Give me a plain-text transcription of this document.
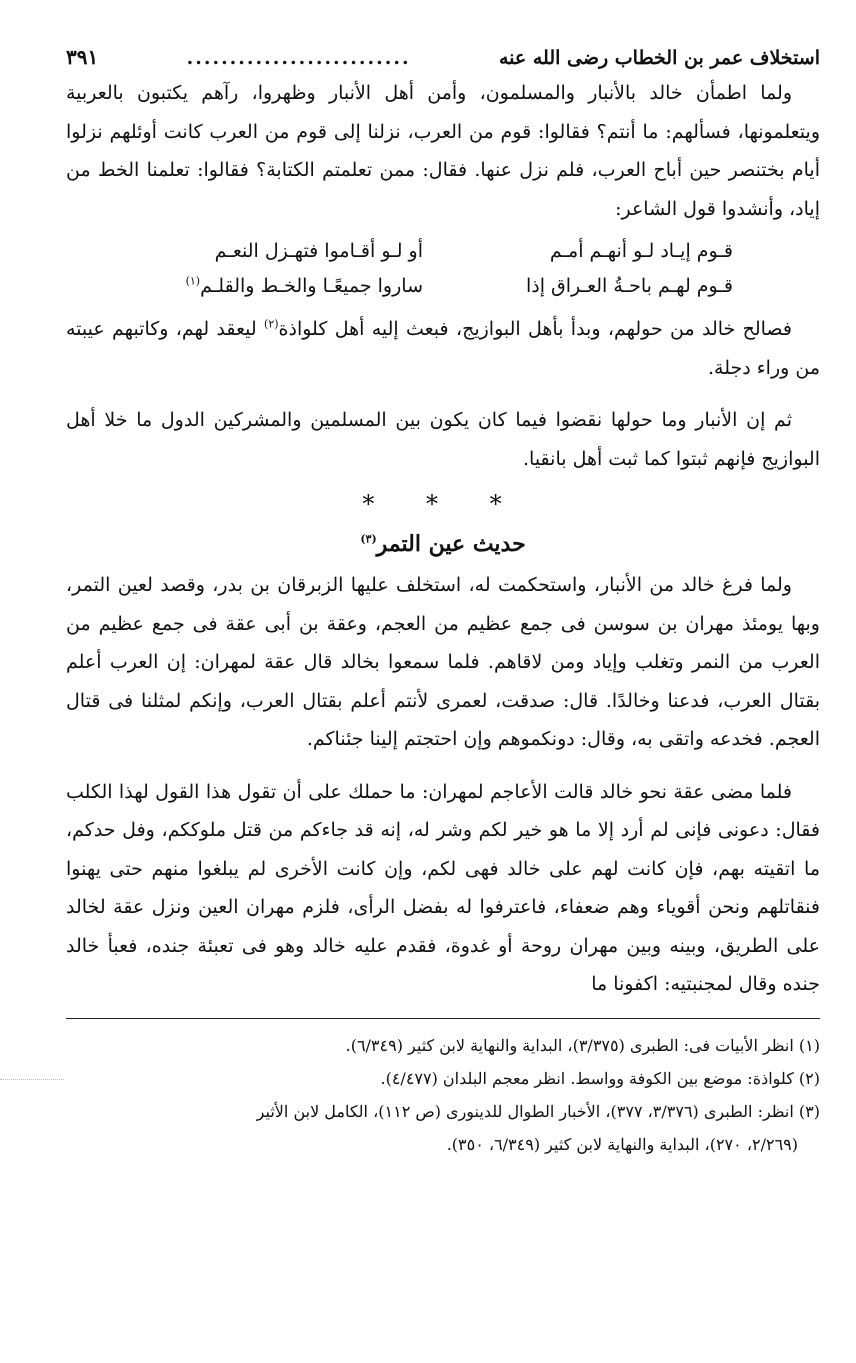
استخلاف عمر بن الخطاب رضى الله عنه
..........................
٣٩١

ولما اطمأن خالد بالأنبار والمسلمون، وأمن أهل الأنبار وظهروا، رآهم يكتبون بالعربية ويتعلمونها، فسألهم: ما أنتم؟ فقالوا: قوم من العرب، نزلنا إلى قوم من العرب كانت أوئلهم نزلوا أيام بختنصر حين أباح العرب، فلم نزل عنها. فقال: ممن تعلمتم الكتابة؟ فقالوا: تعلمنا الخط من إياد، وأنشدوا قول الشاعر:

قـوم إيـاد لـو أنهـم أمـم
أو لـو أقـاموا فتهـزل النعـم
قـوم لهـم باحـةُ العـراق إذا
ساروا جميعًـا والخـط والقلـم$^{(١)}$

فصالح خالد من حولهم، وبدأ بأهل البوازيج، فبعث إليه أهل كلواذة$^{(٢)}$ ليعقد لهم، وكاتبهم عيبته من وراء دجلة.

ثم إن الأنبار وما حولها نقضوا فيما كان يكون بين المسلمين والمشركين الدول ما خلا أهل البوازيج فإنهم ثبتوا كما ثبت أهل بانقيا.

* * *
حديث عين التمر$^{(٣)}$

ولما فرغ خالد من الأنبار، واستحكمت له، استخلف عليها الزبرقان بن بدر، وقصد لعين التمر، وبها يومئذ مهران بن سوسن فى جمع عظيم من العجم، وعقة بن أبى عقة فى جمع عظيم من العرب من النمر وتغلب وإياد ومن لاقاهم. فلما سمعوا بخالد قال عقة لمهران: إن العرب أعلم بقتال العرب، فدعنا وخالدًا. قال: صدقت، لعمرى لأنتم أعلم بقتال العرب، وإنكم لمثلنا فى قتال العجم. فخدعه واتقى به، وقال: دونكموهم وإن احتجتم إلينا جئناكم.

فلما مضى عقة نحو خالد قالت الأعاجم لمهران: ما حملك على أن تقول هذا القول لهذا الكلب فقال: دعونى فإنى لم أرد إلا ما هو خير لكم وشر له، إنه قد جاءكم من قتل ملوككم، وفل حدكم، ما اتقيته بهم، فإن كانت لهم على خالد فهى لكم، وإن كانت الأخرى لم يبلغوا منهم حتى يهنوا فنقاتلهم ونحن أقوياء وهم ضعفاء، فاعترفوا له بفضل الرأى، فلزم مهران العين ونزل عقة لخالد على الطريق، وبينه وبين مهران روحة أو غدوة، فقدم عليه خالد وهو فى تعبئة جنده، فعبأ خالد جنده وقال لمجنبتيه: اكفونا ما

(١) انظر الأبيات فى: الطبرى (٣/٣٧٥)، البداية والنهاية لابن كثير (٦/٣٤٩).

(٢) كلواذة: موضع بين الكوفة وواسط. انظر معجم البلدان (٤/٤٧٧).

(٣) انظر: الطبرى (٣/٣٧٦، ٣٧٧)، الأخبار الطوال للدينورى (ص ١١٢)، الكامل لابن الأثير

(٢/٢٦٩، ٢٧٠)، البداية والنهاية لابن كثير (٦/٣٤٩، ٣٥٠).
